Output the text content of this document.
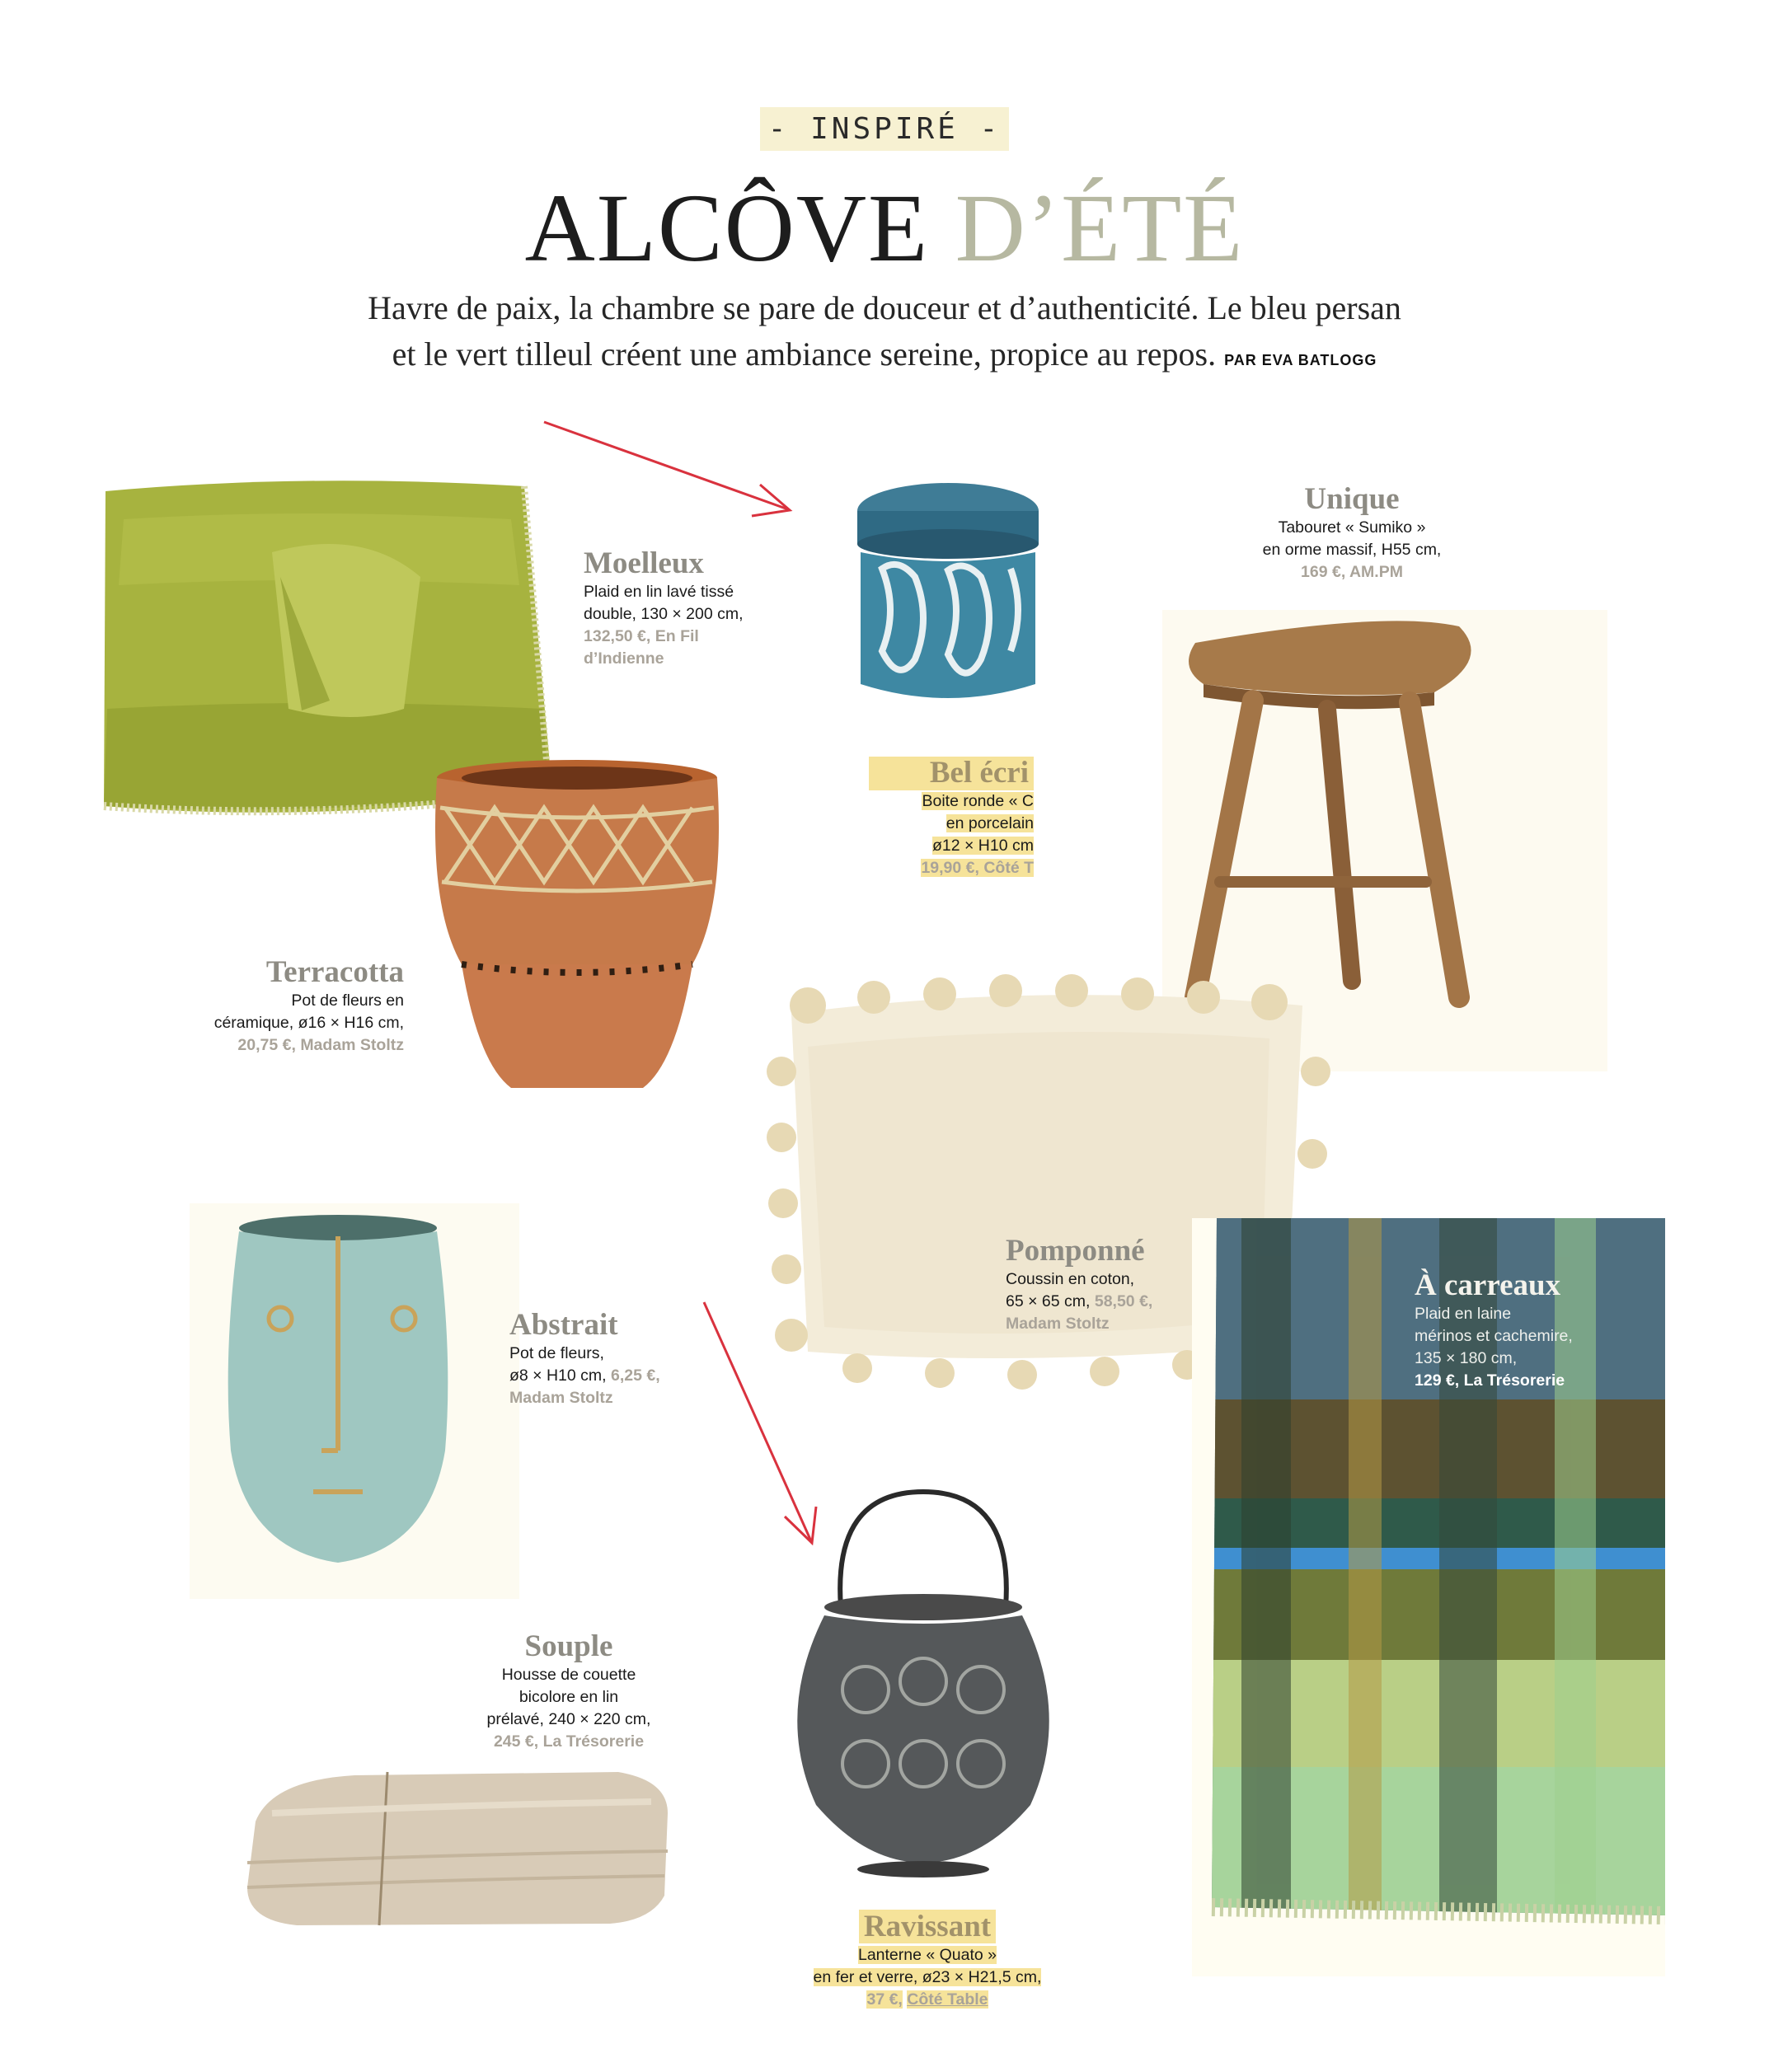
- INSPIRÉ -
ALCÔVE D’ÉTÉ
Havre de paix, la chambre se pare de douceur et d’authenticité. Le bleu persan
et le vert tilleul créent une ambiance sereine, propice au repos. PAR EVA BATLOGG
Moelleux
Plaid en lin lavé tissé
double, 130 × 200 cm,
132,50 €, En Fil
d’Indienne
Terracotta
Pot de fleurs en
céramique, ø16 × H16 cm,
20,75 €, Madam Stoltz
Bel écri
Boite ronde « C
en porcelain
ø12 × H10 cm
19,90 €, Côté T
Unique
Tabouret « Sumiko »
en orme massif, H55 cm,
169 €, AM.PM
Pomponné
Coussin en coton,
65 × 65 cm, 58,50 €,
Madam Stoltz
À carreaux
Plaid en laine
mérinos et cachemire,
135 × 180 cm,
129 €, La Trésorerie
Abstrait
Pot de fleurs,
ø8 × H10 cm, 6,25 €,
Madam Stoltz
Souple
Housse de couette
bicolore en lin
prélavé, 240 × 220 cm,
245 €, La Trésorerie
Ravissant
Lanterne « Quato »
en fer et verre, ø23 × H21,5 cm,
37 €, Côté Table
